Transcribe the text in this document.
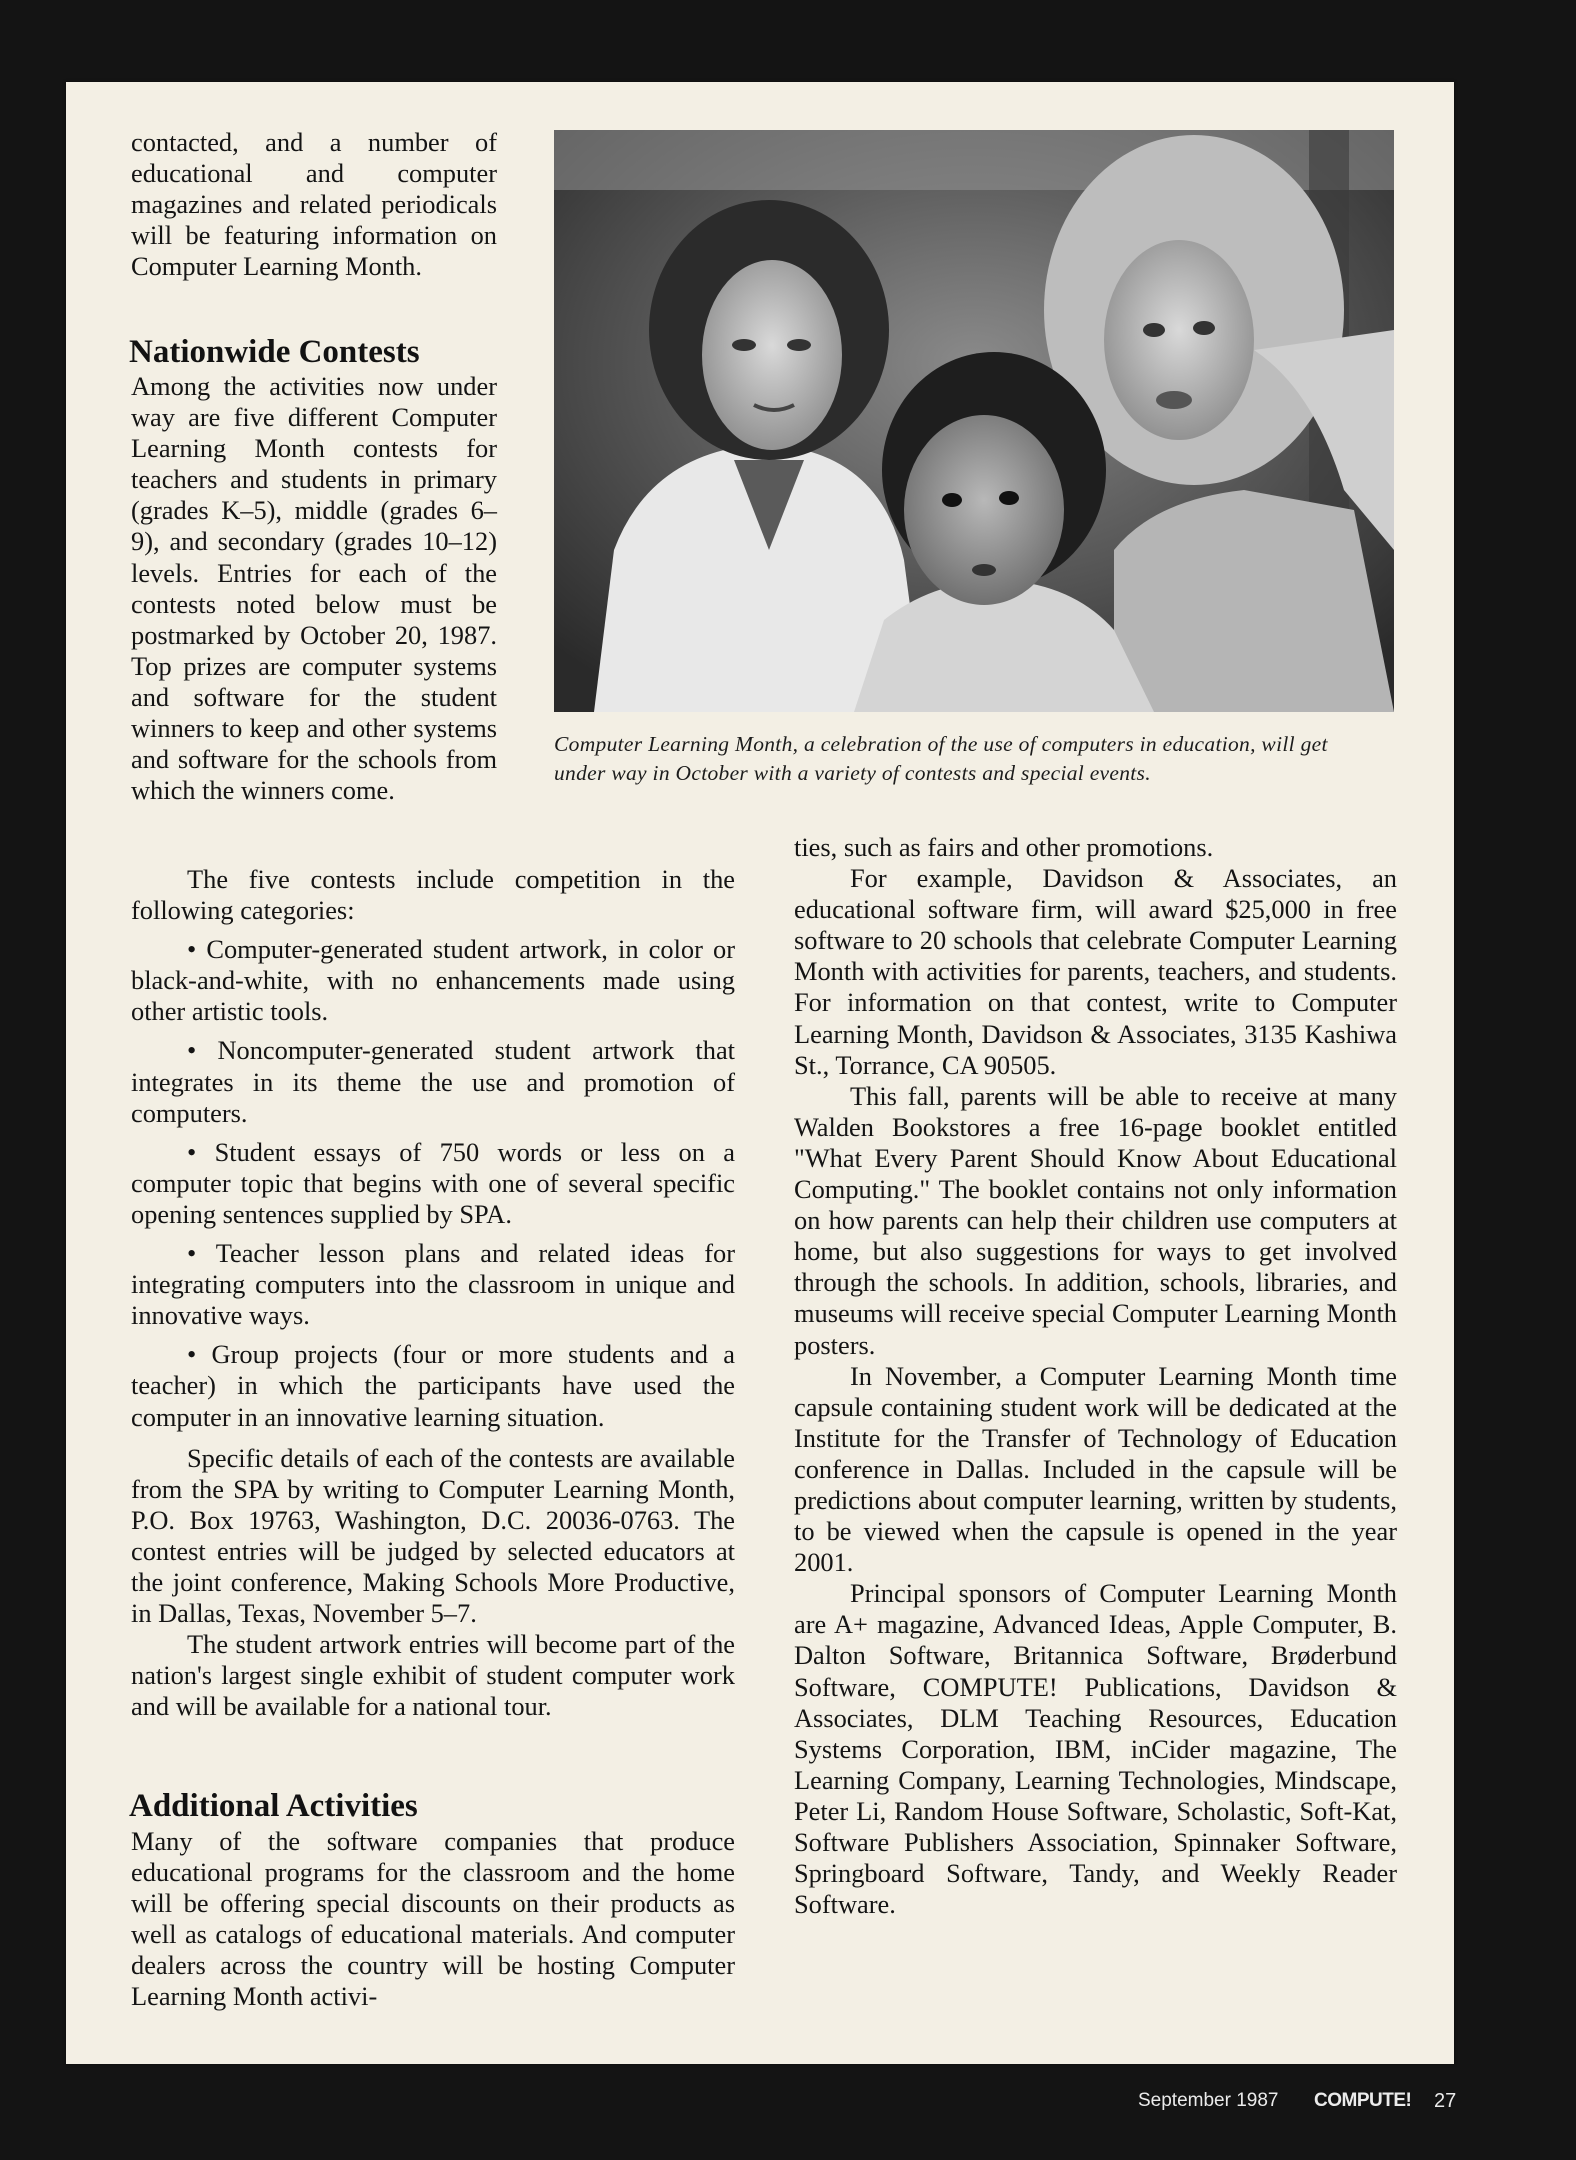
contacted, and a number of educational and computer magazines and related periodicals will be featuring information on Computer Learning Month.

Nationwide Contests

Among the activities now under way are five different Computer Learning Month contests for teachers and students in primary (grades K–5), middle (grades 6–9), and secondary (grades 10–12) levels. Entries for each of the contests noted below must be postmarked by October 20, 1987. Top prizes are computer systems and software for the student winners to keep and other systems and software for the schools from which the winners come.

The five contests include competition in the following categories:

• Computer-generated student artwork, in color or black-and-white, with no enhancements made using other artistic tools.

• Noncomputer-generated student artwork that integrates in its theme the use and promotion of computers.

• Student essays of 750 words or less on a computer topic that begins with one of several specific opening sentences supplied by SPA.

• Teacher lesson plans and related ideas for integrating computers into the classroom in unique and innovative ways.

• Group projects (four or more students and a teacher) in which the participants have used the computer in an innovative learning situation.

Specific details of each of the contests are available from the SPA by writing to Computer Learning Month, P.O. Box 19763, Washington, D.C. 20036-0763. The contest entries will be judged by selected educators at the joint conference, Making Schools More Productive, in Dallas, Texas, November 5–7.

The student artwork entries will become part of the nation's largest single exhibit of student computer work and will be available for a national tour.

Additional Activities

Many of the software companies that produce educational programs for the classroom and the home will be offering special discounts on their products as well as catalogs of educational materials. And computer dealers across the country will be hosting Computer Learning Month activi-

Computer Learning Month, a celebration of the use of computers in education, will get under way in October with a variety of contests and special events.

ties, such as fairs and other promotions.

For example, Davidson & Associates, an educational software firm, will award $25,000 in free software to 20 schools that celebrate Computer Learning Month with activities for parents, teachers, and students. For information on that contest, write to Computer Learning Month, Davidson & Associates, 3135 Kashiwa St., Torrance, CA 90505.

This fall, parents will be able to receive at many Walden Bookstores a free 16-page booklet entitled "What Every Parent Should Know About Educational Computing." The booklet contains not only information on how parents can help their children use computers at home, but also suggestions for ways to get involved through the schools. In addition, schools, libraries, and museums will receive special Computer Learning Month posters.

In November, a Computer Learning Month time capsule containing student work will be dedicated at the Institute for the Transfer of Technology of Education conference in Dallas. Included in the capsule will be predictions about computer learning, written by students, to be viewed when the capsule is opened in the year 2001.

Principal sponsors of Computer Learning Month are A+ magazine, Advanced Ideas, Apple Computer, B. Dalton Software, Britannica Software, Brøderbund Software, COMPUTE! Publications, Davidson & Associates, DLM Teaching Resources, Education Systems Corporation, IBM, inCider magazine, The Learning Company, Learning Technologies, Mindscape, Peter Li, Random House Software, Scholastic, Soft-Kat, Software Publishers Association, Spinnaker Software, Springboard Software, Tandy, and Weekly Reader Software.

September 1987 COMPUTE! 27
